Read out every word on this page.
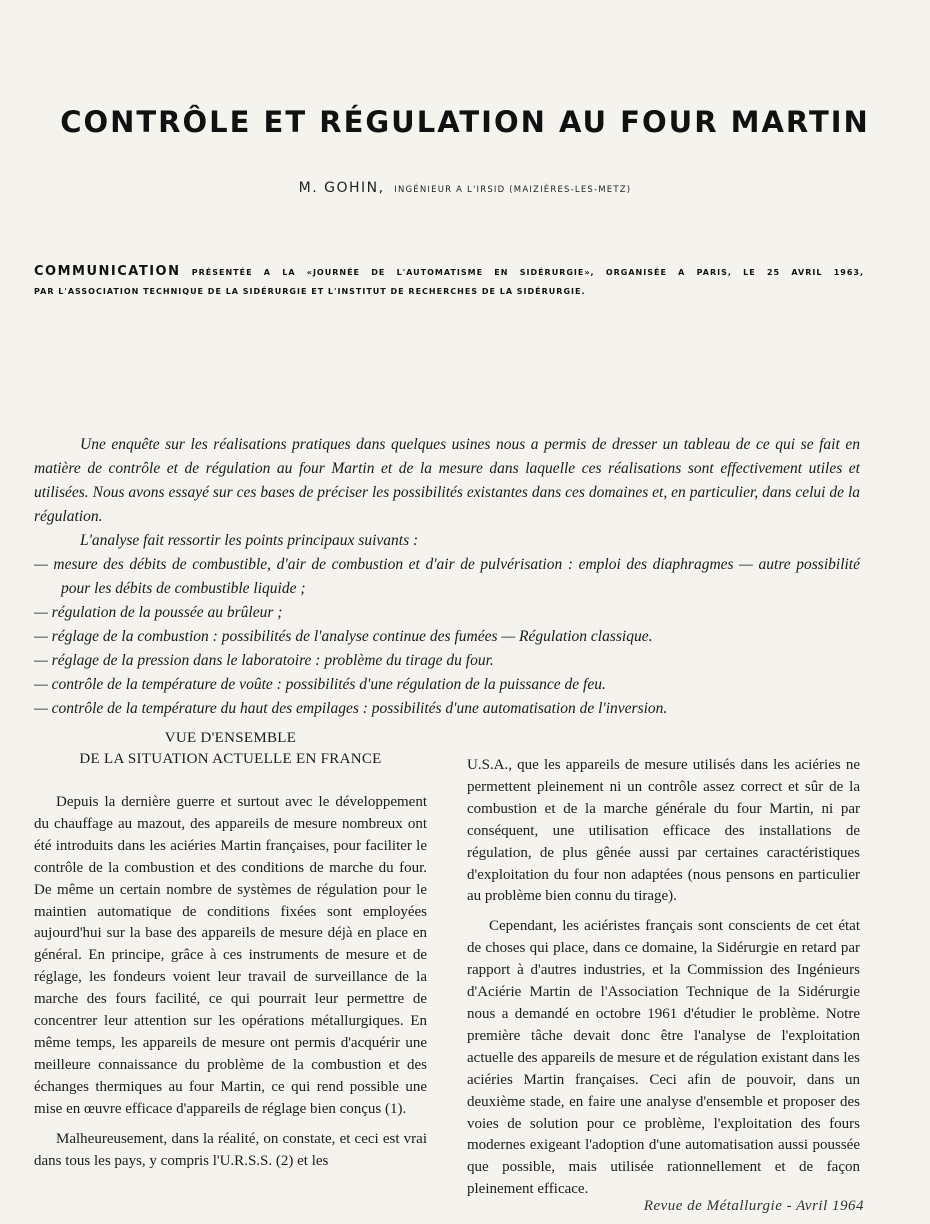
CONTRÔLE ET RÉGULATION AU FOUR MARTIN
M. GOHIN, INGÉNIEUR A L'IRSID (MAIZIÈRES-LES-METZ)
COMMUNICATION PRÉSENTÉE A LA «JOURNÉE DE L'AUTOMATISME EN SIDÉRURGIE», ORGANISÉE A PARIS, LE 25 AVRIL 1963,
PAR L'ASSOCIATION TECHNIQUE DE LA SIDÉRURGIE ET L'INSTITUT DE RECHERCHES DE LA SIDÉRURGIE.

Une enquête sur les réalisations pratiques dans quelques usines nous a permis de dresser un tableau de ce qui se fait en matière de contrôle et de régulation au four Martin et de la mesure dans laquelle ces réalisations sont effectivement utiles et utilisées. Nous avons essayé sur ces bases de préciser les possibilités existantes dans ces domaines et, en particulier, dans celui de la régulation.

L'analyse fait ressortir les points principaux suivants :

— mesure des débits de combustible, d'air de combustion et d'air de pulvérisation : emploi des diaphragmes — autre possibilité pour les débits de combustible liquide ;
— régulation de la poussée au brûleur ;
— réglage de la combustion : possibilités de l'analyse continue des fumées — Régulation classique.
— réglage de la pression dans le laboratoire : problème du tirage du four.
— contrôle de la température de voûte : possibilités d'une régulation de la puissance de feu.
— contrôle de la température du haut des empilages : possibilités d'une automatisation de l'inversion.
VUE D'ENSEMBLE
DE LA SITUATION ACTUELLE EN FRANCE

Depuis la dernière guerre et surtout avec le développement du chauffage au mazout, des appareils de mesure nombreux ont été introduits dans les aciéries Martin françaises, pour faciliter le contrôle de la combustion et des conditions de marche du four. De même un certain nombre de systèmes de régulation pour le maintien automatique de conditions fixées sont employées aujourd'hui sur la base des appareils de mesure déjà en place en général. En principe, grâce à ces instruments de mesure et de réglage, les fondeurs voient leur travail de surveillance de la marche des fours facilité, ce qui pourrait leur permettre de concentrer leur attention sur les opérations métallurgiques. En même temps, les appareils de mesure ont permis d'acquérir une meilleure connaissance du problème de la combustion et des échanges thermiques au four Martin, ce qui rend possible une mise en œuvre efficace d'appareils de réglage bien conçus (1).

Malheureusement, dans la réalité, on constate, et ceci est vrai dans tous les pays, y compris l'U.R.S.S. (2) et les

U.S.A., que les appareils de mesure utilisés dans les aciéries ne permettent pleinement ni un contrôle assez correct et sûr de la combustion et de la marche générale du four Martin, ni par conséquent, une utilisation efficace des installations de régulation, de plus gênée aussi par certaines caractéristiques d'exploitation du four non adaptées (nous pensons en particulier au problème bien connu du tirage).

Cependant, les aciéristes français sont conscients de cet état de choses qui place, dans ce domaine, la Sidérurgie en retard par rapport à d'autres industries, et la Commission des Ingénieurs d'Aciérie Martin de l'Association Technique de la Sidérurgie nous a demandé en octobre 1961 d'étudier le problème. Notre première tâche devait donc être l'analyse de l'exploitation actuelle des appareils de mesure et de régulation existant dans les aciéries Martin françaises. Ceci afin de pouvoir, dans un deuxième stade, en faire une analyse d'ensemble et proposer des voies de solution pour ce problème, l'exploitation des fours modernes exigeant l'adoption d'une automatisation aussi poussée que possible, mais utilisée rationnellement et de façon pleinement efficace.

Revue de Métallurgie - Avril 1964
